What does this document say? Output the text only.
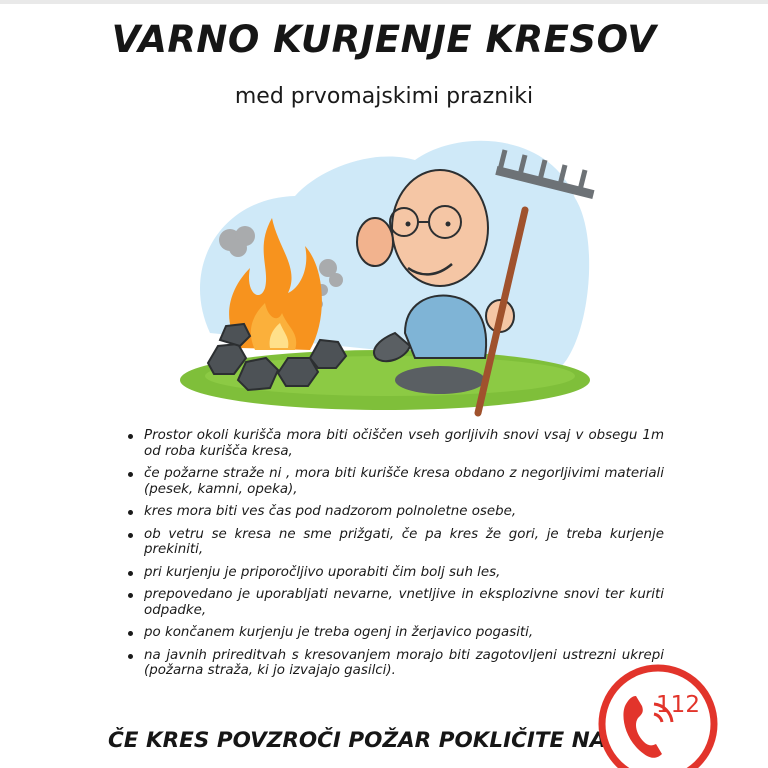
VARNO KURJENJE KRESOV
med prvomajskimi prazniki
Prostor okoli kurišča mora biti očiščen vseh gorljivih snovi vsaj v obsegu 1m od roba kurišča kresa,
če požarne straže ni , mora biti kurišče kresa obdano z negorljivimi materiali (pesek, kamni, opeka),
kres mora biti ves čas pod nadzorom polnoletne osebe,
ob vetru se kresa ne sme prižgati, če pa kres že gori, je treba kurjenje prekiniti,
pri kurjenju je priporočljivo uporabiti čim bolj suh les,
prepovedano je uporabljati nevarne, vnetljive in eksplozivne snovi ter kuriti odpadke,
po končanem kurjenju je treba ogenj in žerjavico pogasiti,
na javnih prireditvah s kresovanjem morajo biti zagotovljeni ustrezni ukrepi (požarna straža, ki jo izvajajo gasilci).
ČE KRES POVZROČI POŽAR POKLIČITE NA
112
